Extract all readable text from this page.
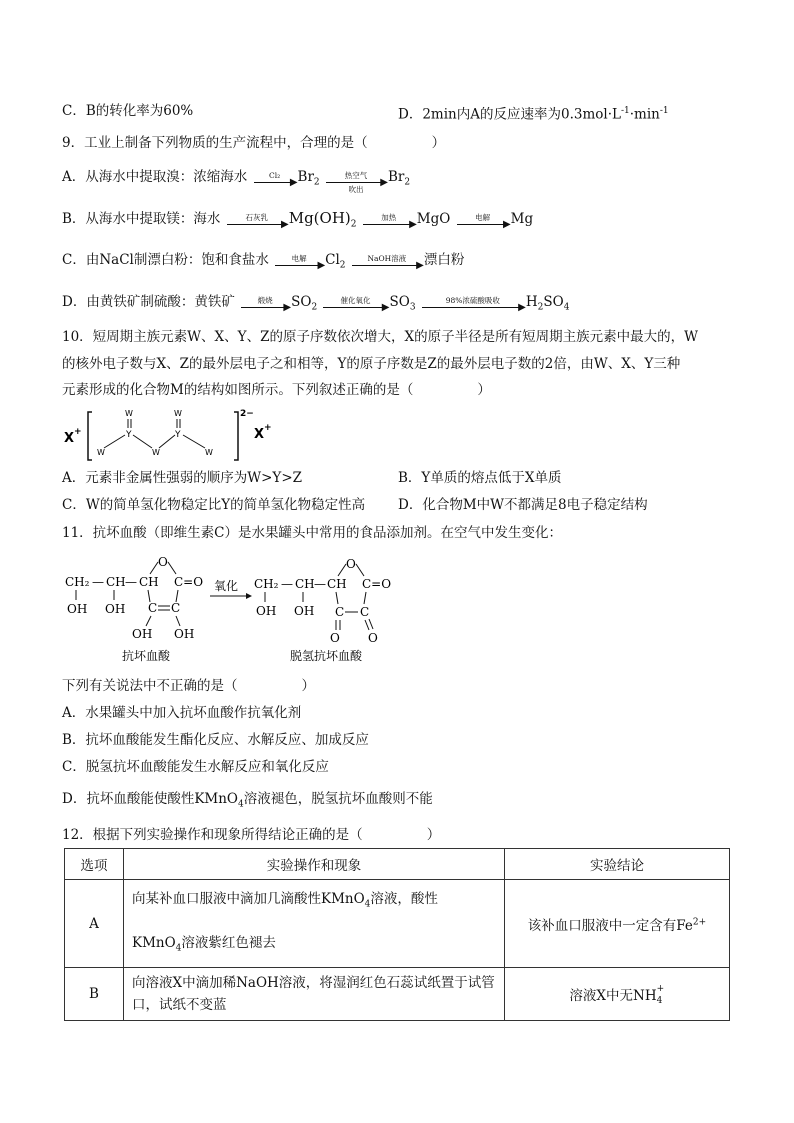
C．B的转化率为60%	D．2min内A的反应速率为$0.3mol\cdot L^{-1}\cdot\min^{-1}$
9．工业上制备下列物质的生产流程中，合理的是（	）
A．从海水中提取溴：浓缩海水	Cl₂
▶ $Br_2$
热空气
▶
吹出
$Br_2$
B．从海水中提取镁：海水	石灰乳
▶ $Mg(OH)_2$
加热
▶ MgO	电解
▶ Mg
C．由NaCl制漂白粉：饱和食盐水	电解
▶ $Cl_2$
NaOH溶液
▶ 漂白粉
D．由黄铁矿制硫酸：黄铁矿	煅烧
▶ $SO_2$
催化氧化
▶ $SO_3$
98%浓硫酸吸收
▶ $H_2SO_4$
10．短周期主族元素W、X、Y、Z的原子序数依次增大，X的原子半径是所有短周期主族元素中最大的，W
的核外电子数与X、Z的最外层电子之和相等，Y的原子序数是Z的最外层电子数的2倍，由W、X、Y三种
元素形成的化合物M的结构如图所示。下列叙述正确的是（	）
X +
W
Y
W
W
Y
W
W
2−
X +
A．元素非金属性强弱的顺序为W>Y>Z	B．Y单质的熔点低于X单质
C．W的简单氢化物稳定比Y的简单氢化物稳定性高 D．化合物M中W不都满足8电子稳定结构
11．抗坏血酸（即维生素C）是水果罐头中常用的食品添加剂。在空气中发生变化：
CH₂ — CH — CH
O
C=O
OH OH C C
OH OH
抗坏血酸
氧化 CH₂ — CH — CH
O
C=O
OH OH C C
O O
脱氢抗坏血酸
下列有关说法中不正确的是（	）
A．水果罐头中加入抗坏血酸作抗氧化剂
B．抗坏血酸能发生酯化反应、水解反应、加成反应
C．脱氢抗坏血酸能发生水解反应和氧化反应
D．抗坏血酸能使酸性KMnO$_4$溶液褪色，脱氢抗坏血酸则不能
12．根据下列实验操作和现象所得结论正确的是（	）
选项	实验操作和现象	实验结论
A	向某补血口服液中滴加几滴酸性KMnO$_4$溶液，酸性
KMnO$_4$溶液紫红色褪去	该补血口服液中一定含有$Fe^{2+}$
B	向溶液X中滴加稀NaOH溶液，将湿润红色石蕊试纸置于试管口，试纸不变蓝	溶液X中无NH +
4
